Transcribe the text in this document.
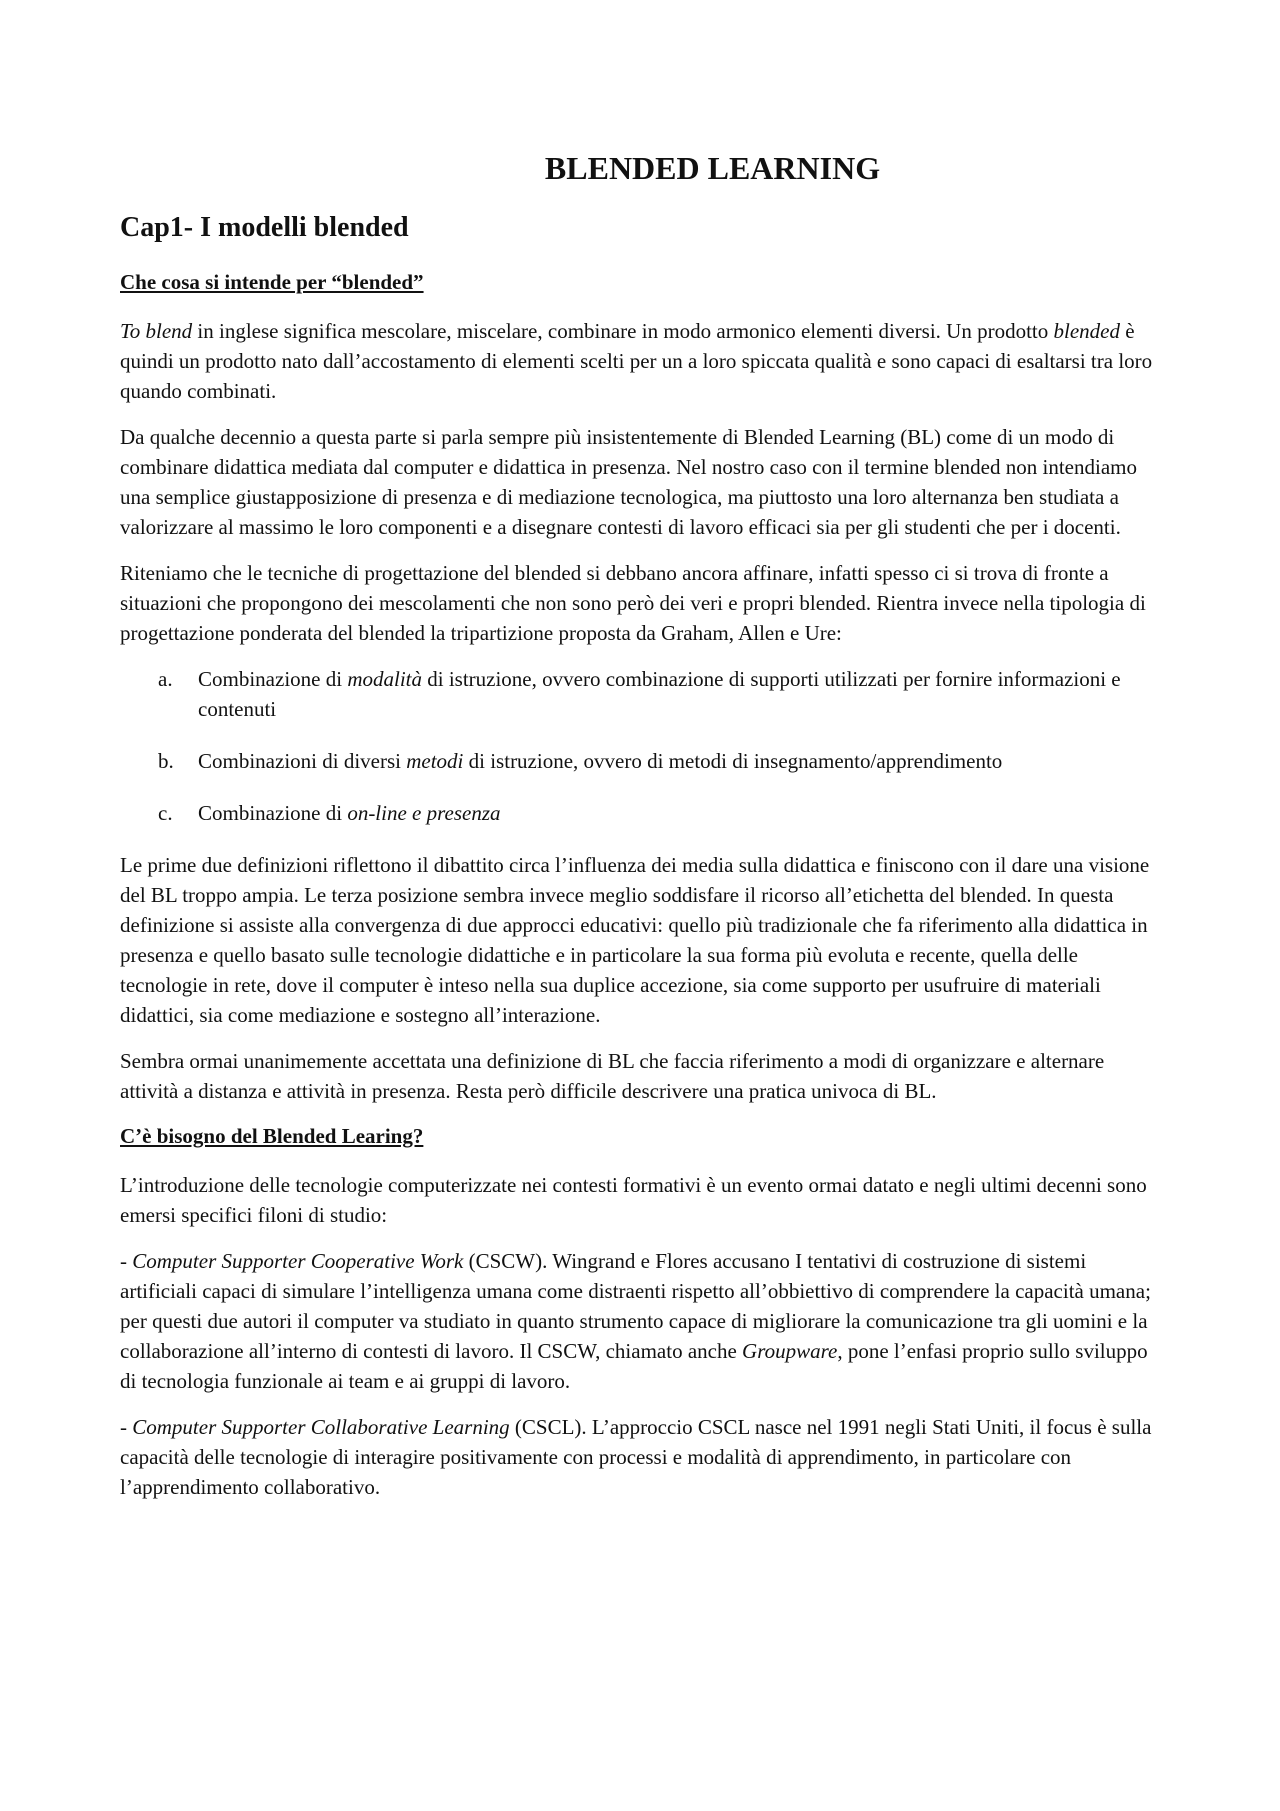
BLENDED LEARNING
Cap1- I modelli blended
Che cosa si intende per “blended”

To blend in inglese significa mescolare, miscelare, combinare in modo armonico elementi diversi. Un prodotto blended è quindi un prodotto nato dall’accostamento di elementi scelti per un a loro spiccata qualità e sono capaci di esaltarsi tra loro quando combinati.

Da qualche decennio a questa parte si parla sempre più insistentemente di Blended Learning (BL) come di un modo di combinare didattica mediata dal computer e didattica in presenza. Nel nostro caso con il termine blended non intendiamo una semplice giustapposizione di presenza e di mediazione tecnologica, ma piuttosto una loro alternanza ben studiata a valorizzare al massimo le loro componenti e a disegnare contesti di lavoro efficaci sia per gli studenti che per i docenti.

Riteniamo che le tecniche di progettazione del blended si debbano ancora affinare, infatti spesso ci si trova di fronte a situazioni che propongono dei mescolamenti che non sono però dei veri e propri blended. Rientra invece nella tipologia di progettazione ponderata del blended la tripartizione proposta da Graham, Allen e Ure:

a. Combinazione di modalità di istruzione, ovvero combinazione di supporti utilizzati per fornire informazioni e contenuti
b. Combinazioni di diversi metodi di istruzione, ovvero di metodi di insegnamento/apprendimento
c. Combinazione di on-line e presenza

Le prime due definizioni riflettono il dibattito circa l’influenza dei media sulla didattica e finiscono con il dare una visione del BL troppo ampia. Le terza posizione sembra invece meglio soddisfare il ricorso all’etichetta del blended. In questa definizione si assiste alla convergenza di due approcci educativi: quello più tradizionale che fa riferimento alla didattica in presenza e quello basato sulle tecnologie didattiche e in particolare la sua forma più evoluta e recente, quella delle tecnologie in rete, dove il computer è inteso nella sua duplice accezione, sia come supporto per usufruire di materiali didattici, sia come mediazione e sostegno all’interazione.

Sembra ormai unanimemente accettata una definizione di BL che faccia riferimento a modi di organizzare e alternare attività a distanza e attività in presenza. Resta però difficile descrivere una pratica univoca di BL.

C’è bisogno del Blended Learing?

L’introduzione delle tecnologie computerizzate nei contesti formativi è un evento ormai datato e negli ultimi decenni sono emersi specifici filoni di studio:

- Computer Supporter Cooperative Work (CSCW). Wingrand e Flores accusano I tentativi di costruzione di sistemi artificiali capaci di simulare l’intelligenza umana come distraenti rispetto all’obbiettivo di comprendere la capacità umana; per questi due autori il computer va studiato in quanto strumento capace di migliorare la comunicazione tra gli uomini e la collaborazione all’interno di contesti di lavoro. Il CSCW, chiamato anche Groupware, pone l’enfasi proprio sullo sviluppo di tecnologia funzionale ai team e ai gruppi di lavoro.

- Computer Supporter Collaborative Learning (CSCL). L’approccio CSCL nasce nel 1991 negli Stati Uniti, il focus è sulla capacità delle tecnologie di interagire positivamente con processi e modalità di apprendimento, in particolare con l’apprendimento collaborativo.
